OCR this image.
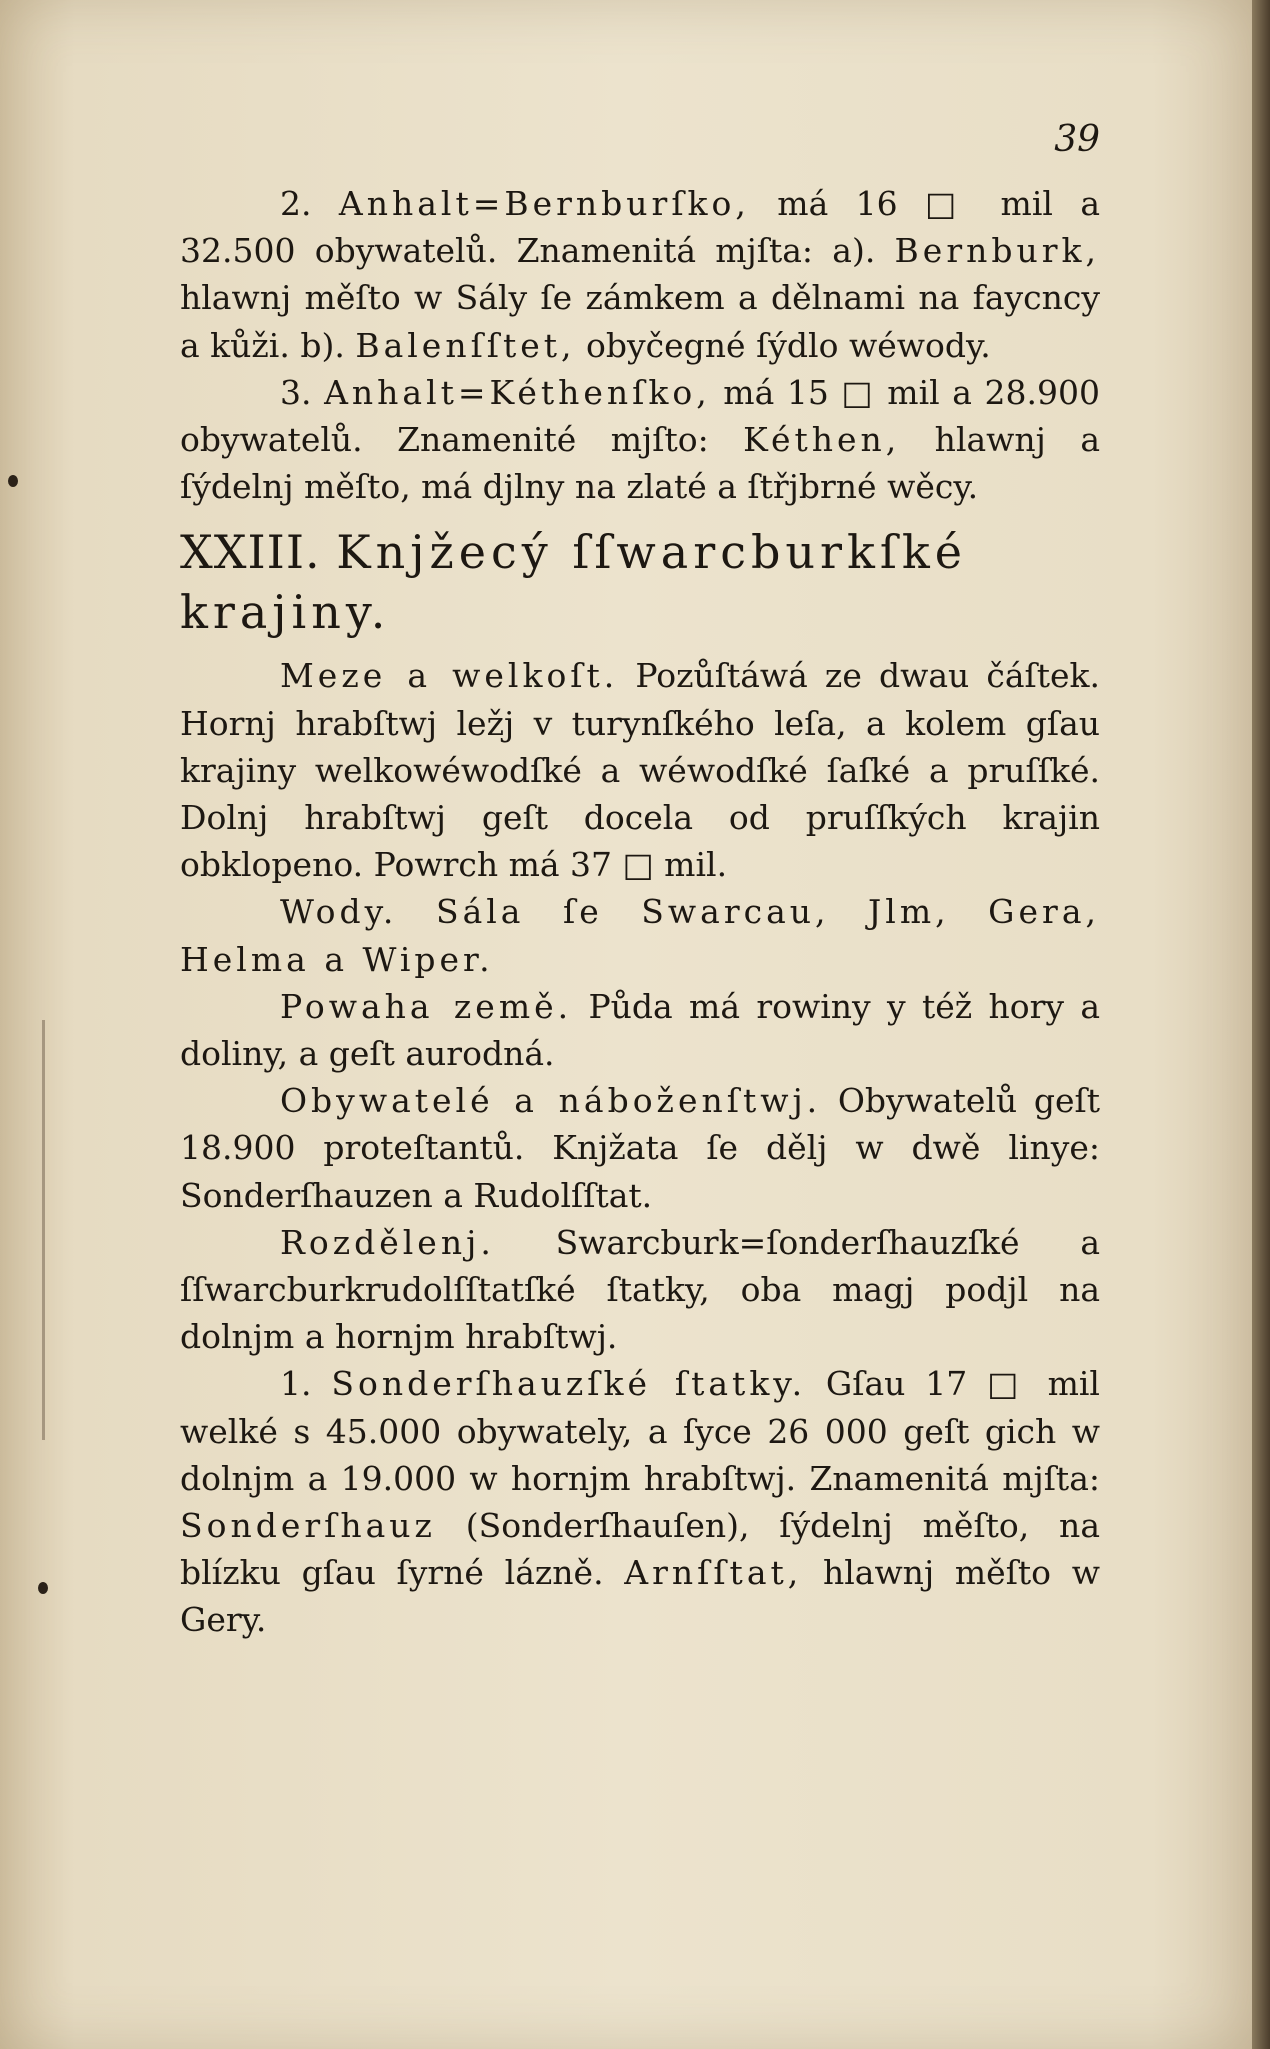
39

2. Anhalt=Bernburſko, má 16 □ mil a 32.500 obywatelů. Znamenitá mjſta: a). Bernburk, hlawnj měſto w Sály ſe zámkem a dělnami na faycncy a kůži. b). Balenſſtet, obyčegné ſýdlo wéwody.

3. Anhalt=Kéthenſko, má 15 □ mil a 28.900 obywatelů. Znamenité mjſto: Kéthen, hlawnj a ſýdelnj měſto, má djlny na zlaté a ſtřjbrné wěcy.

XXIII. Knjžecý ſſwarcburkſké krajiny.

Meze a welkoſt. Pozůſtáwá ze dwau čáſtek. Hornj hrabſtwj ležj v turynſkého leſa, a kolem gſau krajiny welkowéwodſké a wéwodſké ſaſké a pruſſké. Dolnj hrabſtwj geſt docela od pruſſkých krajin obklopeno. Powrch má 37 □ mil.

Wody. Sála ſe Swarcau, Jlm, Gera, Helma a Wiper.

Powaha země. Půda má rowiny y též hory a doliny, a geſt aurodná.

Obywatelé a náboženſtwj. Obywatelů geſt 18.900 proteſtantů. Knjžata ſe dělj w dwě linye: Sonderſhauzen a Rudolſſtat.

Rozdělenj. Swarcburk=ſonderſhauzſké a ſſwarcburkrudolſſtatſké ſtatky, oba magj podjl na dolnjm a hornjm hrabſtwj.

1. Sonderſhauzſké ſtatky. Gſau 17 □ mil welké s 45.000 obywately, a ſyce 26 000 geſt gich w dolnjm a 19.000 w hornjm hrabſtwj. Znamenitá mjſta: Sonderſhauz (Sonderſhauſen), ſýdelnj měſto, na blízku gſau ſyrné lázně. Arnſſtat, hlawnj měſto w Gery.
